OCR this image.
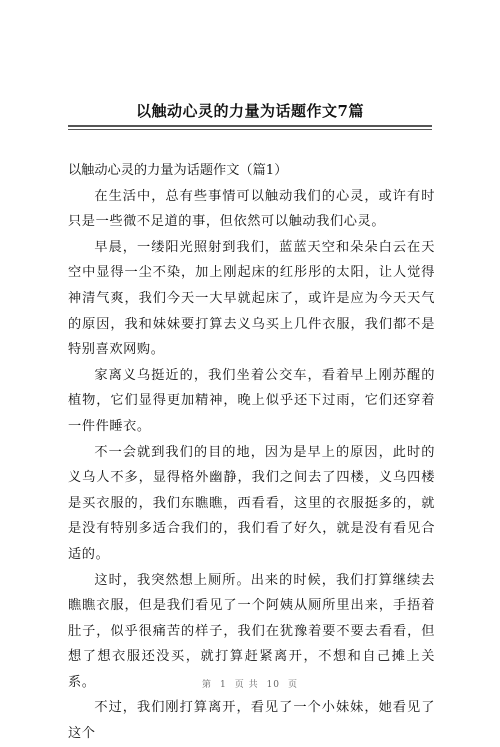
以触动心灵的力量为话题作文7篇

以触动心灵的力量为话题作文（篇1）

在生活中，总有些事情可以触动我们的心灵，或许有时只是一些微不足道的事，但依然可以触动我们心灵。

早晨，一缕阳光照射到我们，蓝蓝天空和朵朵白云在天空中显得一尘不染，加上刚起床的红彤彤的太阳，让人觉得神清气爽，我们今天一大早就起床了，或许是应为今天天气的原因，我和妹妹要打算去义乌买上几件衣服，我们都不是特别喜欢网购。

家离义乌挺近的，我们坐着公交车，看着早上刚苏醒的植物，它们显得更加精神，晚上似乎还下过雨，它们还穿着一件件睡衣。

不一会就到我们的目的地，因为是早上的原因，此时的义乌人不多，显得格外幽静，我们之间去了四楼，义乌四楼是买衣服的，我们东瞧瞧，西看看，这里的衣服挺多的，就是没有特别多适合我们的，我们看了好久，就是没有看见合适的。

这时，我突然想上厕所。出来的时候，我们打算继续去瞧瞧衣服，但是我们看见了一个阿姨从厕所里出来，手捂着肚子，似乎很痛苦的样子，我们在犹豫着要不要去看看，但想了想衣服还没买，就打算赶紧离开，不想和自己摊上关系。

不过，我们刚打算离开，看见了一个小妹妹，她看见了这个

第 1 页 共 10 页
